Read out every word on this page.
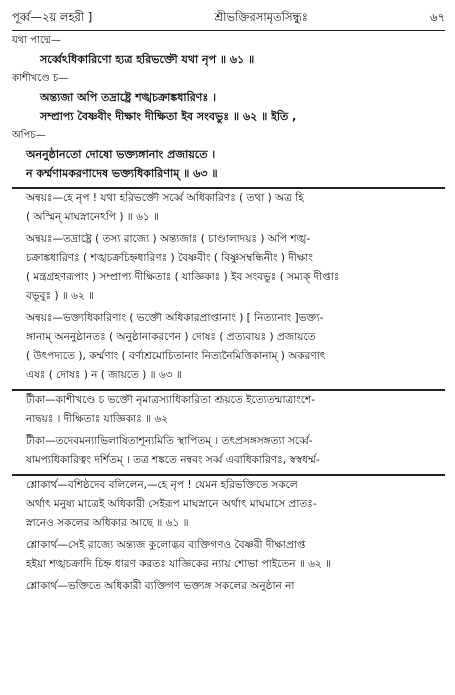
পূর্ব্ব—২য় লহরী ]	শ্রীভক্তিরসামৃতসিন্ধুঃ	৬৭
যথা পাদ্মে—
সর্ব্বেঽধিকারিণো হ্যত্র হরিভক্তৌ যথা নৃপ ॥ ৬১ ॥
কাশীখণ্ডে চ—
অন্ত্যজা অপি তদ্রাষ্ট্রে শঙ্খচক্রাঙ্কধারিণঃ ।
সম্প্রাপ্য বৈষ্ণবীং দীক্ষাং দীক্ষিতা ইব সংবভুঃ ॥ ৬২ ॥ ইতি ,
অপিচ—
অননুষ্ঠানতো দোষো ভক্ত্যঙ্গানাং প্রজায়তে ।
ন কর্ম্মণামকরণাদেষ ভক্ত্যধিকারিণাম্ ॥ ৬৩ ॥
অন্বয়ঃ—হে নৃপ ! যথা হরিভক্তৌ সর্ব্বে অধিকারিণঃ ( তথা ) অত্র হি
( অস্মিন্ মাঘস্নানেঽপি ) ॥ ৬১ ॥
অন্বয়ঃ—তদ্রাষ্ট্রে ( তস্য রাজ্যে ) অন্ত্যজাঃ ( চাণ্ডালাদয়ঃ ) অপি শঙ্খ-
চক্রাঙ্কধারিণঃ ( শঙ্খচক্রচিহ্নধারিণঃ ) বৈষ্ণবীং ( বিষ্ণুসম্বন্ধিনীং ) দীক্ষাং
( মন্ত্রগ্রহণরূপাং ) সম্প্রাপ্য দীক্ষিতাঃ ( যাজ্ঞিকাঃ ) ইব সংবভুঃ ( সম্যক্ দীপ্তাঃ
বভূবুঃ ) ॥ ৬২ ॥
অন্বয়ঃ—ভক্ত্যধিকারিণাং ( ভক্তৌ অধিকারপ্রাপ্তানাং ) [ নিত্যানাং ]ভক্ত্য-
ঙ্গানাম্ অননুষ্ঠানতঃ ( অনুষ্ঠানাকরণেন ) দোষঃ ( প্রত্যবায়ঃ ) প্রজায়তে
( উৎপদ্যতে ), কর্ম্মণাং ( বর্ণাশ্রমোচিতানাং নিত্যনৈমিত্তিকানাম্ ) অকরণাৎ
এষঃ ( দোষঃ ) ন ( জায়তে ) ॥ ৬৩ ॥
টীকা—কাশীখণ্ডে চ ভক্তৌ নৃমাত্রস্যাধিকারিতা শ্রূয়তে ইত্যেতন্মাত্রাংশে-
নাদ্বয়ঃ । দীক্ষিতাঃ যাজ্ঞিকাঃ ॥ ৬২
টীকা—তদেবমন্যাভিলাষিতাশূন্যমিতি স্থাপিতম্ । তৎপ্রসঙ্গসঙ্গত্যা সর্ব্বে-
ষামপ্যধিকারিত্বং দর্শিতম্ । তত্র শঙ্কতে নন্ববং সর্ব্ব এবাধিকারিণঃ, স্বস্বধর্ম্ম-
শ্লোকার্থ—বশিষ্ঠদেব বলিলেন,—হে নৃপ ! যেমন হরিভক্তিতে সকলে
অর্থাৎ মনুষ্য মাত্রেই অধিকারী সেইরূপ মাঘস্নানে অর্থাৎ মাঘমাসে প্রাতঃ-
স্নানেও সকলের অধিকার আছে ॥ ৬১ ॥
শ্লোকার্থ—সেই রাজ্যে অন্ত্যজ কুলোদ্ভব ব্যক্তিগণও বৈষ্ণবী দীক্ষাপ্রাপ্ত
হইয়া শঙ্খচক্রাদি চিহ্ন ধারণ করতঃ যাজ্ঞিকের ন্যায় শোভা পাইতেন ॥ ৬২ ॥
শ্লোকার্থ—ভক্তিতে অধিকারী ব্যক্তিগণ ভক্ত্যঙ্গ সকলের অনুষ্ঠান না
